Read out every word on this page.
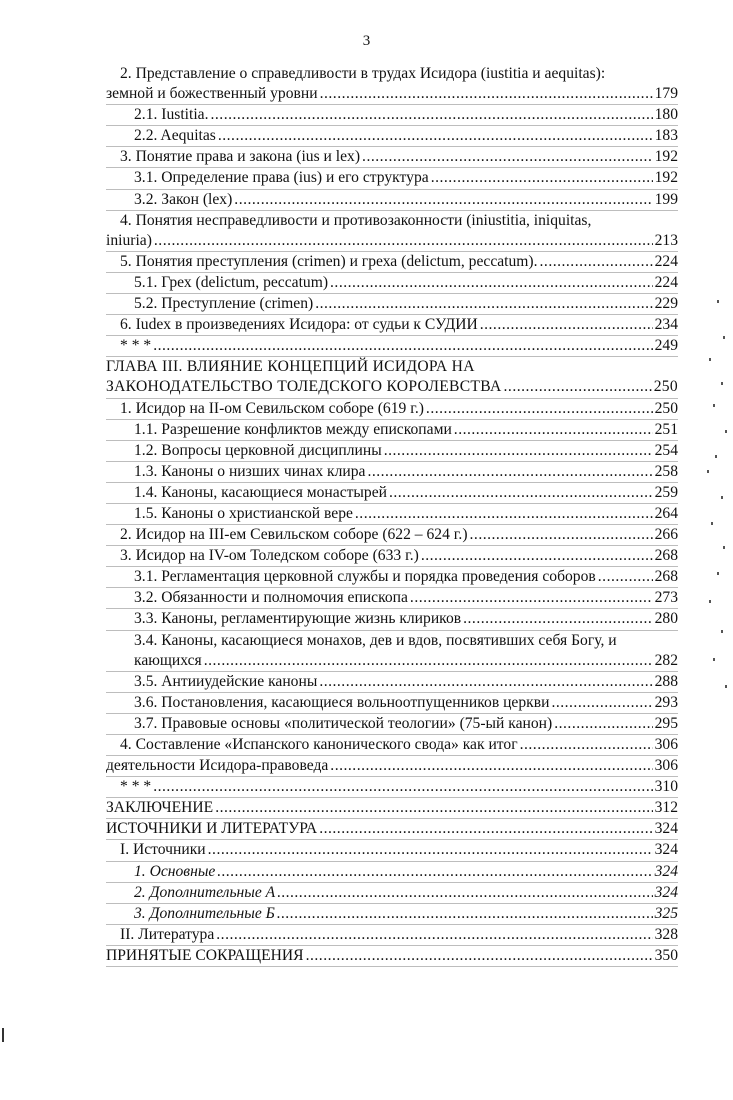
3
2. Представление о справедливости в трудах Исидора (iustitia и aequitas):
земной и божественный уровни .....	179
2.1. Iustitia. .....	180
2.2. Aequitas .....	183
3. Понятие права и закона (ius и lex) .....	192
3.1. Определение права (ius) и его структура .....	192
3.2. Закон (lex) .....	199
4. Понятия несправедливости и противозаконности (iniustitia, iniquitas,
iniuria) .....	213
5. Понятия преступления (crimen) и греха (delictum, peccatum). .....	224
5.1. Грех (delictum, peccatum) .....	224
5.2. Преступление (crimen) .....	229
6. Iudex в произведениях Исидора: от судьи к СУДИИ .....	234
* * * .....	249
ГЛАВА III. ВЛИЯНИЕ КОНЦЕПЦИЙ ИСИДОРА НА
ЗАКОНОДАТЕЛЬСТВО ТОЛЕДСКОГО КОРОЛЕВСТВА .....	250
1. Исидор на II-ом Севильском соборе (619 г.) .....	250
1.1. Разрешение конфликтов между епископами .....	251
1.2. Вопросы церковной дисциплины .....	254
1.3. Каноны о низших чинах клира .....	258
1.4. Каноны, касающиеся монастырей .....	259
1.5. Каноны о христианской вере .....	264
2. Исидор на III-ем Севильском соборе (622 – 624 г.) .....	266
3. Исидор на IV-ом Толедском соборе (633 г.) .....	268
3.1. Регламентация церковной службы и порядка проведения соборов .....	268
3.2. Обязанности и полномочия епископа .....	273
3.3. Каноны, регламентирующие жизнь клириков .....	280
3.4. Каноны, касающиеся монахов, дев и вдов, посвятивших себя Богу, и
кающихся .....	282
3.5. Антииудейские каноны .....	288
3.6. Постановления, касающиеся вольноотпущенников церкви .....	293
3.7. Правовые основы «политической теологии» (75-ый канон) .....	295
4. Составление «Испанского канонического свода» как итог .....	306
деятельности Исидора-правоведа .....	306
* * * .....	310
ЗАКЛЮЧЕНИЕ .....	312
ИСТОЧНИКИ И ЛИТЕРАТУРА .....	324
I. Источники .....	324
1. Основные .....	324
2. Дополнительные А .....	324
3. Дополнительные Б .....	325
II. Литература .....	328
ПРИНЯТЫЕ СОКРАЩЕНИЯ .....	350
